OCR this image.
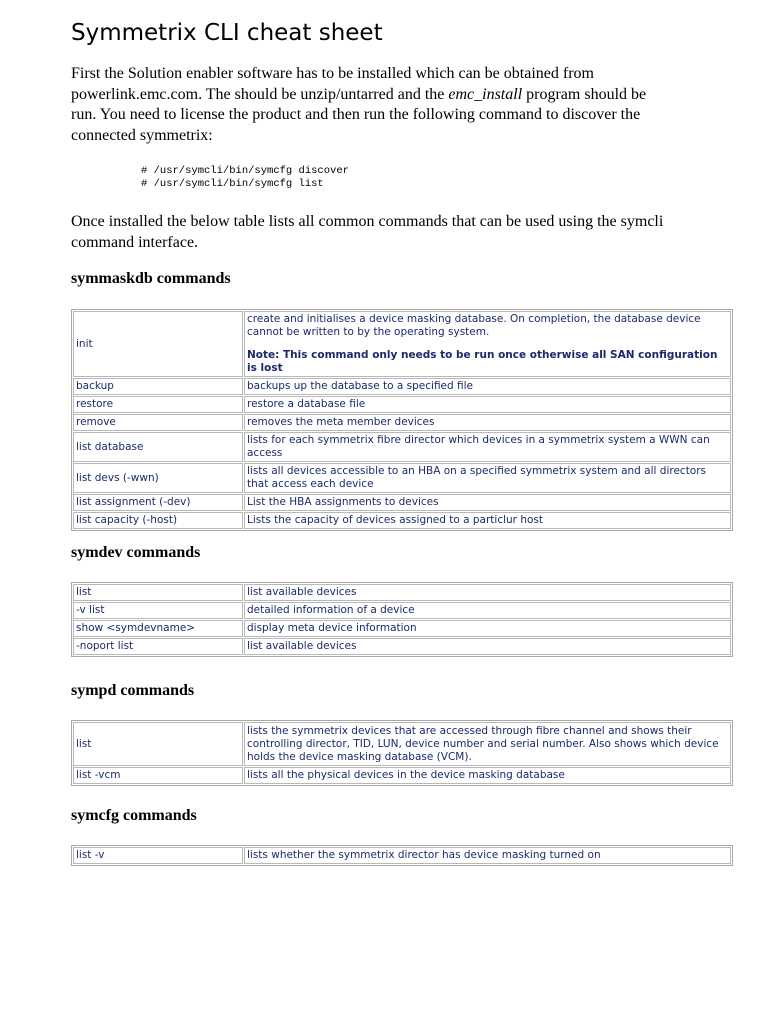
Symmetrix CLI cheat sheet

First the Solution enabler software has to be installed which can be obtained from powerlink.emc.com. The should be unzip/untarred and the emc_install program should be run. You need to license the product and then run the following command to discover the connected symmetrix:

# /usr/symcli/bin/symcfg discover
# /usr/symcli/bin/symcfg list

Once installed the below table lists all common commands that can be used using the symcli command interface.

symmaskdb commands
init	create and initialises a device masking database. On completion, the database device cannot be written to by the operating system.
Note: This command only needs to be run once otherwise all SAN configuration is lost

backup	backups up the database to a specified file
restore	restore a database file
remove	removes the meta member devices
list database	lists for each symmetrix fibre director which devices in a symmetrix system a WWN can access
list devs (-wwn)	lists all devices accessible to an HBA on a specified symmetrix system and all directors that access each device
list assignment (-dev)	List the HBA assignments to devices
list capacity (-host)	Lists the capacity of devices assigned to a particlur host
symdev commands
list	list available devices
-v list	detailed information of a device
show <symdevname>	display meta device information
-noport list	list available devices
sympd commands
list	lists the symmetrix devices that are accessed through fibre channel and shows their controlling director, TID, LUN, device number and serial number. Also shows which device holds the device masking database (VCM).
list -vcm	lists all the physical devices in the device masking database
symcfg commands
list -v	lists whether the symmetrix director has device masking turned on
